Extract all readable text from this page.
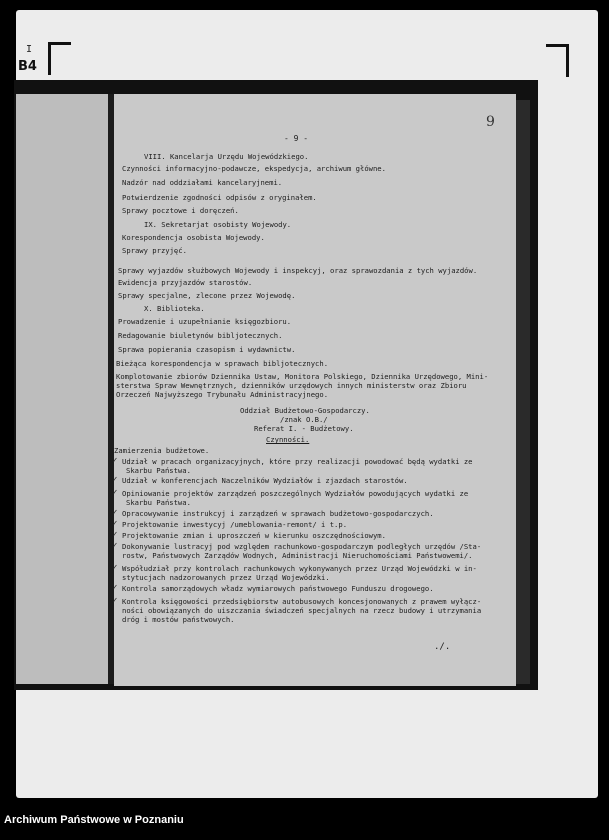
I
B4
- 9 -
9
VIII. Kancelarja Urzędu Wojewódzkiego.
Czynności informacyjno-podawcze, ekspedycja, archiwum główne.
Nadzór nad oddziałami kancelaryjnemi.
Potwierdzenie zgodności odpisów z oryginałem.
Sprawy pocztowe i doręczeń.
IX. Sekretarjat osobisty Wojewody.
Korespondencja osobista Wojewody.
Sprawy przyjęć.
Sprawy wyjazdów służbowych Wojewody i inspekcyj, oraz sprawozdania z tych wyjazdów.
Ewidencja przyjazdów starostów.
Sprawy specjalne, zlecone przez Wojewodę.
X. Biblioteka.
Prowadzenie i uzupełnianie księgozbioru.
Redagowanie biuletynów bibljotecznych.
Sprawa popierania czasopism i wydawnictw.
Bieżąca korespondencja w sprawach bibljotecznych.
Komplotowanie zbiorów Dziennika Ustaw, Monitora Polskiego, Dziennika Urzędowego, Mini-
sterstwa Spraw Wewnętrznych, dzienników urzędowych innych ministerstw oraz Zbioru
Orzeczeń Najwyższego Trybunału Administracyjnego.
Oddział Budżetowo-Gospodarczy.
/znak O.B./
Referat I. - Budżetowy.
Czynności.
Zamierzenia budżetowe.
✓ Udział w pracach organizacyjnych, które przy realizacji powodować będą wydatki ze
Skarbu Państwa.
✓ Udział w konferencjach Naczelników Wydziałów i zjazdach starostów.
✓ Opiniowanie projektów zarządzeń poszczególnych Wydziałów powodujących wydatki ze
Skarbu Państwa.
✓ Opracowywanie instrukcyj i zarządzeń w sprawach budżetowo-gospodarczych.
✓ Projektowanie inwestycyj /umeblowania-remont/ i t.p.
✓ Projektowanie zmian i uproszczeń w kierunku oszczędnościowym.
✓ Dokonywanie lustracyj pod względem rachunkowo-gospodarczym podległych urzędów /Sta-
rostw, Państwowych Zarządów Wodnych, Administracji Nieruchomościami Państwowemi/.
✓ Współudział przy kontrolach rachunkowych wykonywanych przez Urząd Wojewódzki w in-
stytucjach nadzorowanych przez Urząd Wojewódzki.
✓ Kontrola samorządowych władz wymiarowych państwowego Funduszu drogowego.
✓ Kontrola księgowości przedsiębiorstw autobusowych koncesjonowanych z prawem wyłącz-
ności obowiązanych do uiszczania świadczeń specjalnych na rzecz budowy i utrzymania
dróg i mostów państwowych.
./.
Archiwum Państwowe w Poznaniu
